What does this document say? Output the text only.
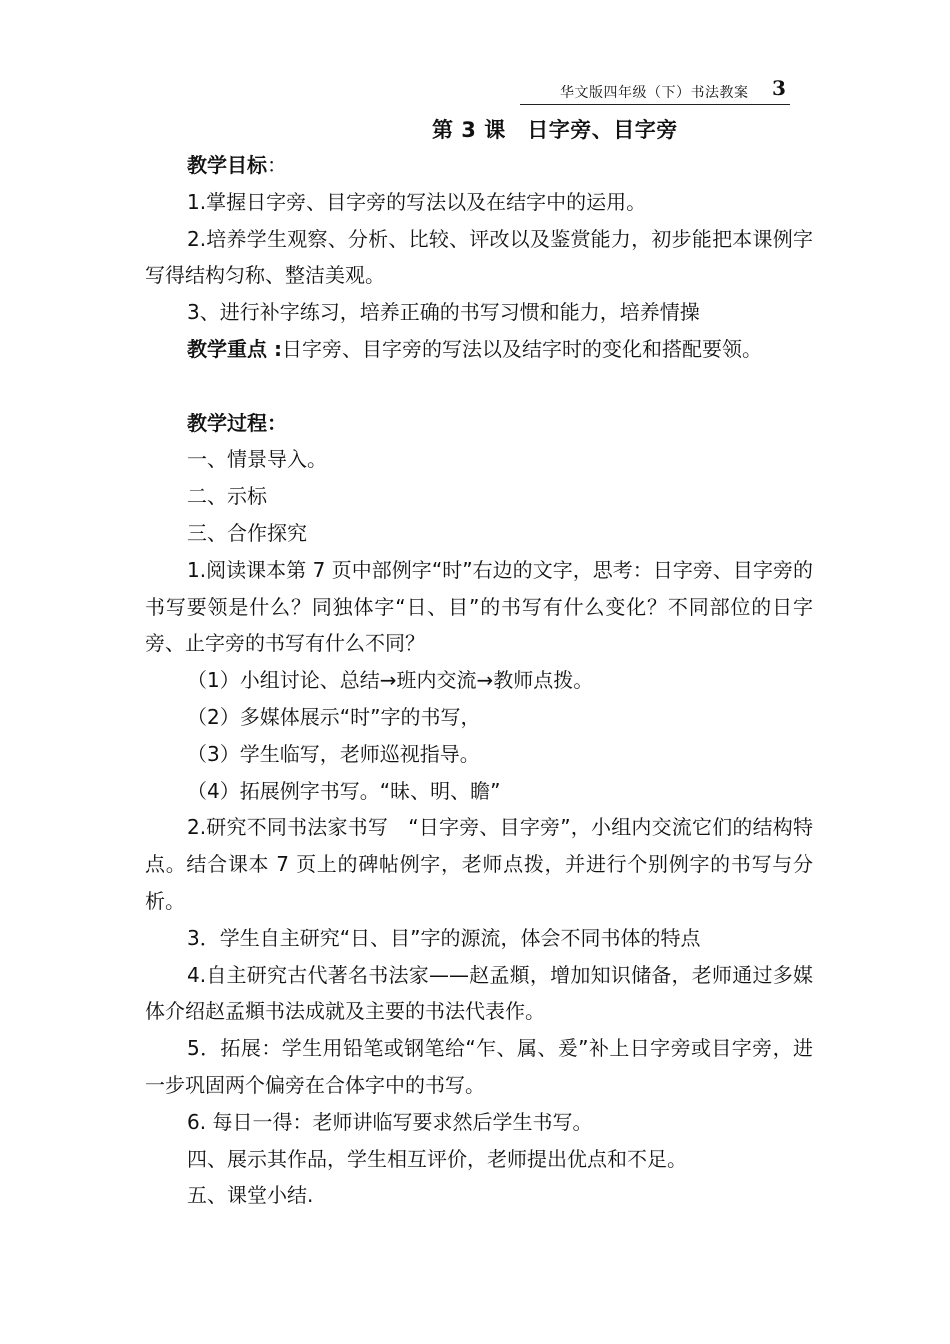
华文版四年级（下）书法教案 3
第 3 课　日字旁、目字旁
教学目标：
1.掌握日字旁、目字旁的写法以及在结字中的运用。
2.培养学生观察、分析、比较、评改以及鉴赏能力，初步能把本课例字写得结构匀称、整洁美观。
3、进行补字练习，培养正确的书写习惯和能力，培养情操
教学重点 :日字旁、目字旁的写法以及结字时的变化和搭配要领。
教学过程：
一、情景导入。
二、示标
三、合作探究
1.阅读课本第 7 页中部例字“时”右边的文字，思考：日字旁、目字旁的书写要领是什么？同独体字“日、目”的书写有什么变化？不同部位的日字旁、止字旁的书写有什么不同？
（1）小组讨论、总结→班内交流→教师点拨。
（2）多媒体展示“时”字的书写，
（3）学生临写，老师巡视指导。
（4）拓展例字书写。“昧、明、瞻”
2.研究不同书法家书写　“日字旁、目字旁”，小组内交流它们的结构特点。结合课本 7 页上的碑帖例字，老师点拨，并进行个别例字的书写与分析。
3．学生自主研究“日、目”字的源流，体会不同书体的特点
4.自主研究古代著名书法家——赵孟頫，增加知识储备，老师通过多媒体介绍赵孟頫书法成就及主要的书法代表作。
5．拓展：学生用铅笔或钢笔给“乍、属、爰”补上日字旁或目字旁，进一步巩固两个偏旁在合体字中的书写。
6. 每日一得：老师讲临写要求然后学生书写。
四、展示其作品，学生相互评价，老师提出优点和不足。
五、课堂小结.
